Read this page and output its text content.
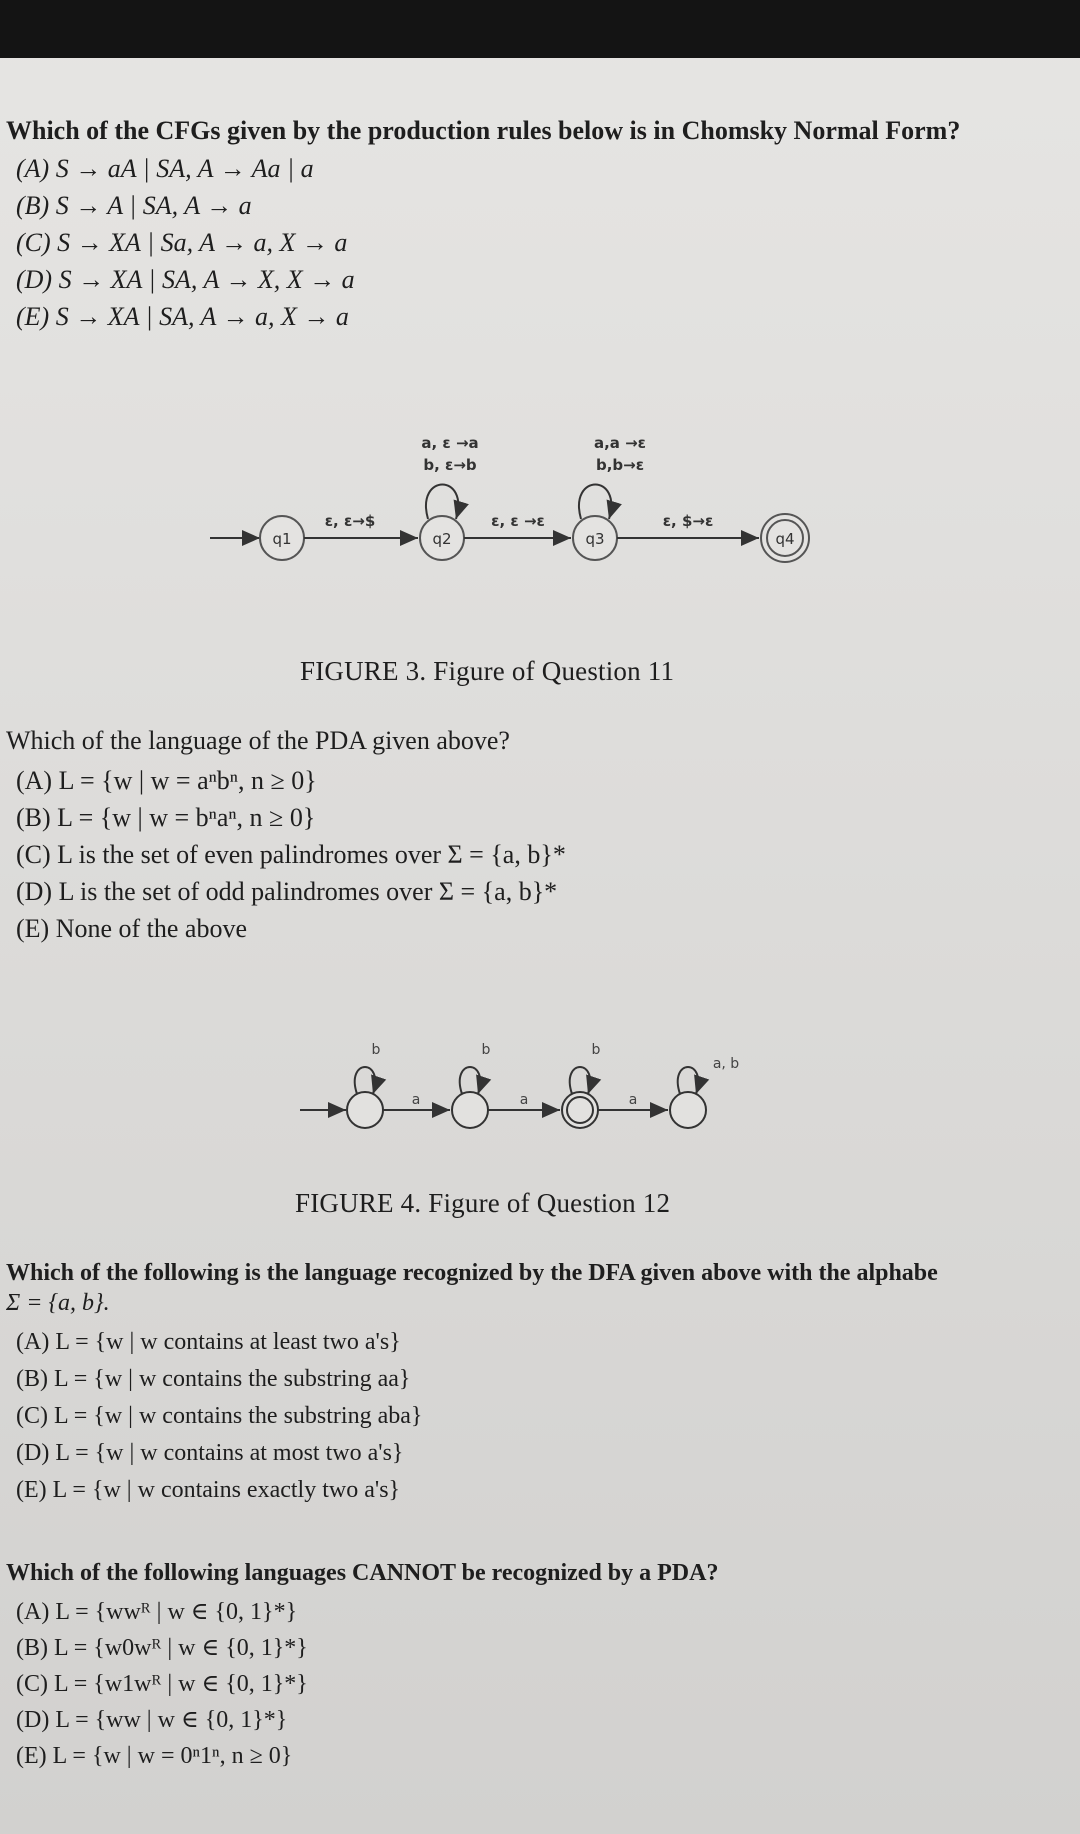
Which of the CFGs given by the production rules below is in Chomsky Normal Form?

(A) S → aA | SA, A → Aa | a
(B) S → A | SA, A → a
(C) S → XA | Sa, A → a, X → a
(D) S → XA | SA, A → X, X → a
(E) S → XA | SA, A → a, X → a
q1	q2	q3	q4
ε, ε→$	ε, ε →ε	ε, $→ε
a, ε →a
b, ε→b
a,a →ε
b,b→ε
FIGURE 3. Figure of Question 11

Which of the language of the PDA given above?

(A) L = {w | w = aⁿbⁿ, n ≥ 0}
(B) L = {w | w = bⁿaⁿ, n ≥ 0}
(C) L is the set of even palindromes over Σ = {a, b}*
(D) L is the set of odd palindromes over Σ = {a, b}*
(E) None of the above
a	a	a
b	b	b
a, b
FIGURE 4. Figure of Question 12

Which of the following is the language recognized by the DFA given above with the alphabe

Σ = {a, b}.

(A) L = {w | w contains at least two a's}
(B) L = {w | w contains the substring aa}
(C) L = {w | w contains the substring aba}
(D) L = {w | w contains at most two a's}
(E) L = {w | w contains exactly two a's}

Which of the following languages CANNOT be recognized by a PDA?

(A) L = {wwᴿ | w ∈ {0, 1}*}
(B) L = {w0wᴿ | w ∈ {0, 1}*}
(C) L = {w1wᴿ | w ∈ {0, 1}*}
(D) L = {ww | w ∈ {0, 1}*}
(E) L = {w | w = 0ⁿ1ⁿ, n ≥ 0}
